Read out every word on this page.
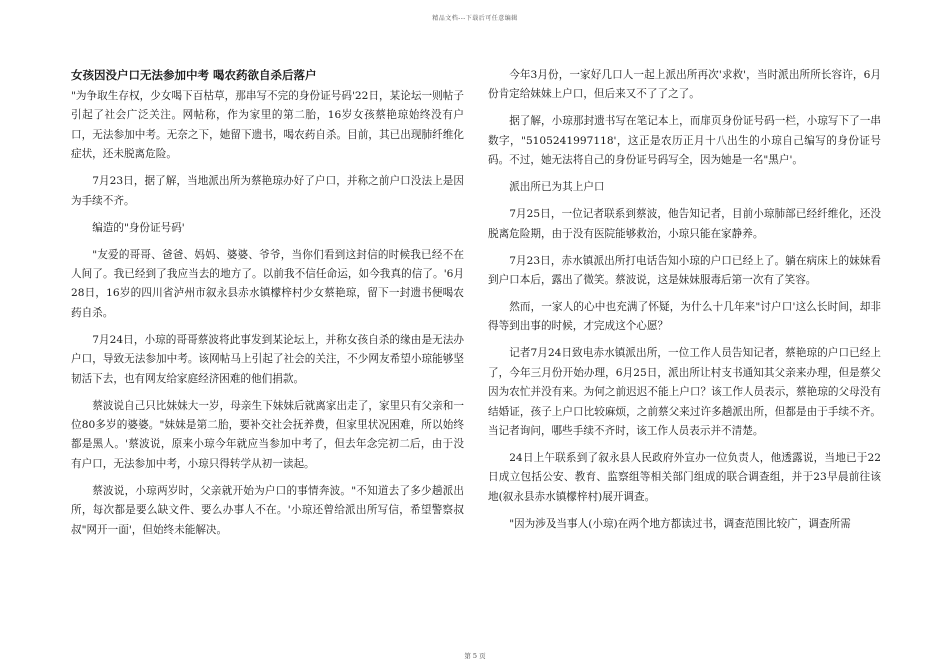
精品文档---下载后可任意编辑
女孩因没户口无法参加中考 喝农药欲自杀后落户

"为争取生存权，少女喝下百枯草，那串写不完的身份证号码'22日，某论坛一则帖子引起了社会广泛关注。网帖称，作为家里的第二胎，16岁女孩蔡艳琼始终没有户口，无法参加中考。无奈之下，她留下遗书，喝农药自杀。目前，其已出现肺纤维化症状，还未脱离危险。

7月23日，据了解，当地派出所为蔡艳琼办好了户口，并称之前户口没法上是因为手续不齐。

编造的"身份证号码'

"友爱的哥哥、爸爸、妈妈、婆婆、爷爷，当你们看到这封信的时候我已经不在人间了。我已经到了我应当去的地方了。以前我不信任命运，如今我真的信了。'6月28日，16岁的四川省泸州市叙永县赤水镇檬梓村少女蔡艳琼，留下一封遗书便喝农药自杀。

7月24日，小琼的哥哥蔡波将此事发到某论坛上，并称女孩自杀的缘由是无法办户口，导致无法参加中考。该网帖马上引起了社会的关注，不少网友希望小琼能够坚韧活下去，也有网友给家庭经济困难的他们捐款。

蔡波说自己只比妹妹大一岁，母亲生下妹妹后就离家出走了，家里只有父亲和一位80多岁的婆婆。"妹妹是第二胎，要补交社会抚养费，但家里状况困难，所以始终都是黑人。'蔡波说，原来小琼今年就应当参加中考了，但去年念完初二后，由于没有户口，无法参加中考，小琼只得转学从初一读起。

蔡波说，小琼两岁时，父亲就开始为户口的事情奔波。"不知道去了多少趟派出所，每次都是要么缺文件、要么办事人不在。'小琼还曾给派出所写信，希望警察叔叔"网开一面'，但始终未能解决。

今年3月份，一家好几口人一起上派出所再次'求救'，当时派出所所长容许，6月份肯定给妹妹上户口，但后来又不了了之了。

据了解，小琼那封遗书写在笔记本上，而扉页身份证号码一栏，小琼写下了一串数字，"5105241997118'，这正是农历正月十八出生的小琼自己编写的身份证号码。不过，她无法将自己的身份证号码写全，因为她是一名"黑户'。

派出所已为其上户口

7月25日，一位记者联系到蔡波，他告知记者，目前小琼肺部已经纤维化，还没脱离危险期，由于没有医院能够救治，小琼只能在家静养。

7月23日，赤水镇派出所打电话告知小琼的户口已经上了。躺在病床上的妹妹看到户口本后，露出了微笑。蔡波说，这是妹妹服毒后第一次有了笑容。

然而，一家人的心中也充满了怀疑，为什么十几年来"讨户口'这么长时间，却非得等到出事的时候，才完成这个心愿？

记者7月24日致电赤水镇派出所，一位工作人员告知记者，蔡艳琼的户口已经上了，今年三月份开始办理，6月25日，派出所让村支书通知其父亲来办理，但是蔡父因为农忙并没有来。为何之前迟迟不能上户口？该工作人员表示，蔡艳琼的父母没有结婚证，孩子上户口比较麻烦，之前蔡父来过许多趟派出所，但都是由于手续不齐。当记者询问，哪些手续不齐时，该工作人员表示并不清楚。

24日上午联系到了叙永县人民政府外宣办一位负责人，他透露说，当地已于22日成立包括公安、教育、监察组等相关部门组成的联合调查组，并于23早晨前往该地(叙永县赤水镇檬梓村)展开调查。

"因为涉及当事人(小琼)在两个地方都读过书，调查范围比较广，调查所需

第 5 页
